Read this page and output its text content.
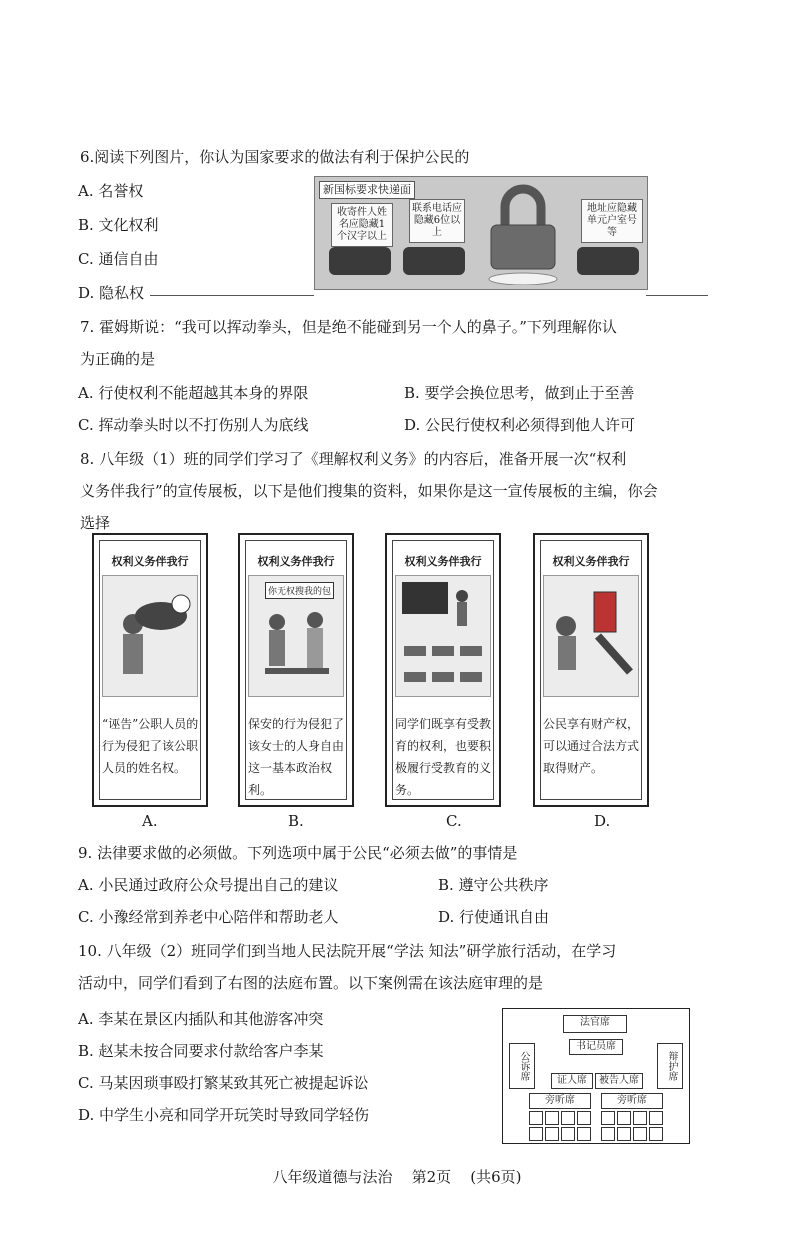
6.阅读下列图片，你认为国家要求的做法有利于保护公民的
A. 名誉权
B. 文化权利
C. 通信自由
D. 隐私权
新国标要求快递面
收寄件人姓名应隐藏1个汉字以上
联系电话应隐藏6位以上
地址应隐藏单元户室号等
7. 霍姆斯说：“我可以挥动拳头，但是绝不能碰到另一个人的鼻子。”下列理解你认
为正确的是
A. 行使权利不能超越其本身的界限	B. 要学会换位思考，做到止于至善
C. 挥动拳头时以不打伤别人为底线	D. 公民行使权利必须得到他人许可
8. 八年级（1）班的同学们学习了《理解权利义务》的内容后，准备开展一次“权利
义务伴我行”的宣传展板，以下是他们搜集的资料，如果你是这一宣传展板的主编，你会
选择
权利义务伴我行
“诬告”公职人员的行为侵犯了该公职人员的姓名权。
权利义务伴我行
你无权搜我的包
保安的行为侵犯了该女士的人身自由这一基本政治权利。
权利义务伴我行
同学们既享有受教育的权利，也要积极履行受教育的义务。
权利义务伴我行
公民享有财产权，可以通过合法方式取得财产。
A.	B.	C.	D.
9. 法律要求做的必须做。下列选项中属于公民“必须去做”的事情是
A. 小民通过政府公众号提出自己的建议	B. 遵守公共秩序
C. 小豫经常到养老中心陪伴和帮助老人	D. 行使通讯自由
10. 八年级（2）班同学们到当地人民法院开展“学法 知法”研学旅行活动，在学习
活动中，同学们看到了右图的法庭布置。以下案例需在该法庭审理的是
A. 李某在景区内插队和其他游客冲突
B. 赵某未按合同要求付款给客户李某
C. 马某因琐事殴打繁某致其死亡被提起诉讼
D. 中学生小亮和同学开玩笑时导致同学轻伤
法官席
书记员席
公诉席	辩护席
证人席	被告人席
旁听席	旁听席
八年级道德与法治    第2页    (共6页)
